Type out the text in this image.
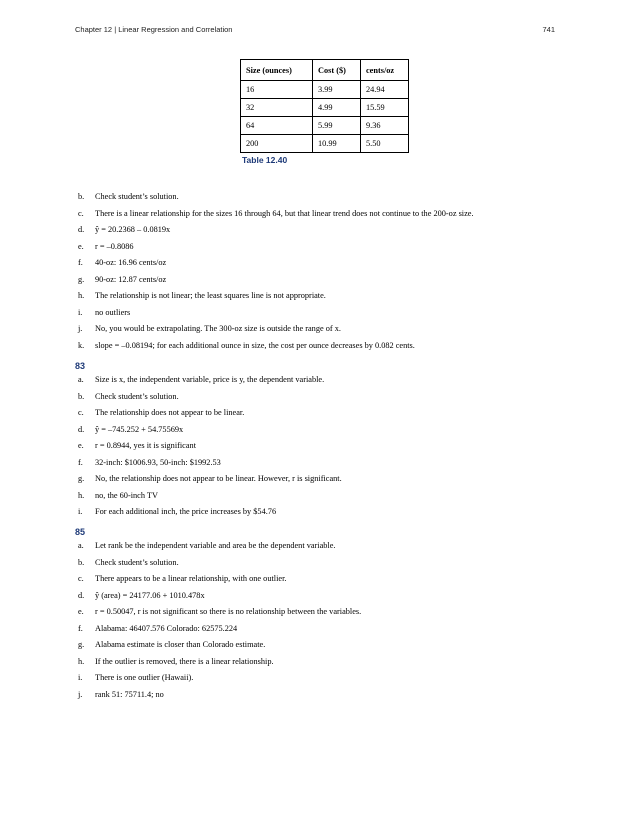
Chapter 12 | Linear Regression and Correlation	741
Size (ounces)	Cost ($)	cents/oz
16	3.99	24.94
32	4.99	15.59
64	5.99	9.36
200	10.99	5.50
Table 12.40
b.	Check student’s solution.
c.	There is a linear relationship for the sizes 16 through 64, but that linear trend does not continue to the 200-oz size.
d.	ŷ = 20.2368 – 0.0819x
e.	r = –0.8086
f.	40-oz: 16.96 cents/oz
g.	90-oz: 12.87 cents/oz
h.	The relationship is not linear; the least squares line is not appropriate.
i.	no outliers
j.	No, you would be extrapolating. The 300-oz size is outside the range of x.
k.	slope = –0.08194; for each additional ounce in size, the cost per ounce decreases by 0.082 cents.
83
a.	Size is x, the independent variable, price is y, the dependent variable.
b.	Check student’s solution.
c.	The relationship does not appear to be linear.
d.	ŷ = –745.252 + 54.75569x
e.	r = 0.8944, yes it is significant
f.	32-inch: $1006.93, 50-inch: $1992.53
g.	No, the relationship does not appear to be linear. However, r is significant.
h.	no, the 60-inch TV
i.	For each additional inch, the price increases by $54.76
85
a.	Let rank be the independent variable and area be the dependent variable.
b.	Check student’s solution.
c.	There appears to be a linear relationship, with one outlier.
d.	ŷ (area) = 24177.06 + 1010.478x
e.	r = 0.50047, r is not significant so there is no relationship between the variables.
f.	Alabama: 46407.576 Colorado: 62575.224
g.	Alabama estimate is closer than Colorado estimate.
h.	If the outlier is removed, there is a linear relationship.
i.	There is one outlier (Hawaii).
j.	rank 51: 75711.4; no
